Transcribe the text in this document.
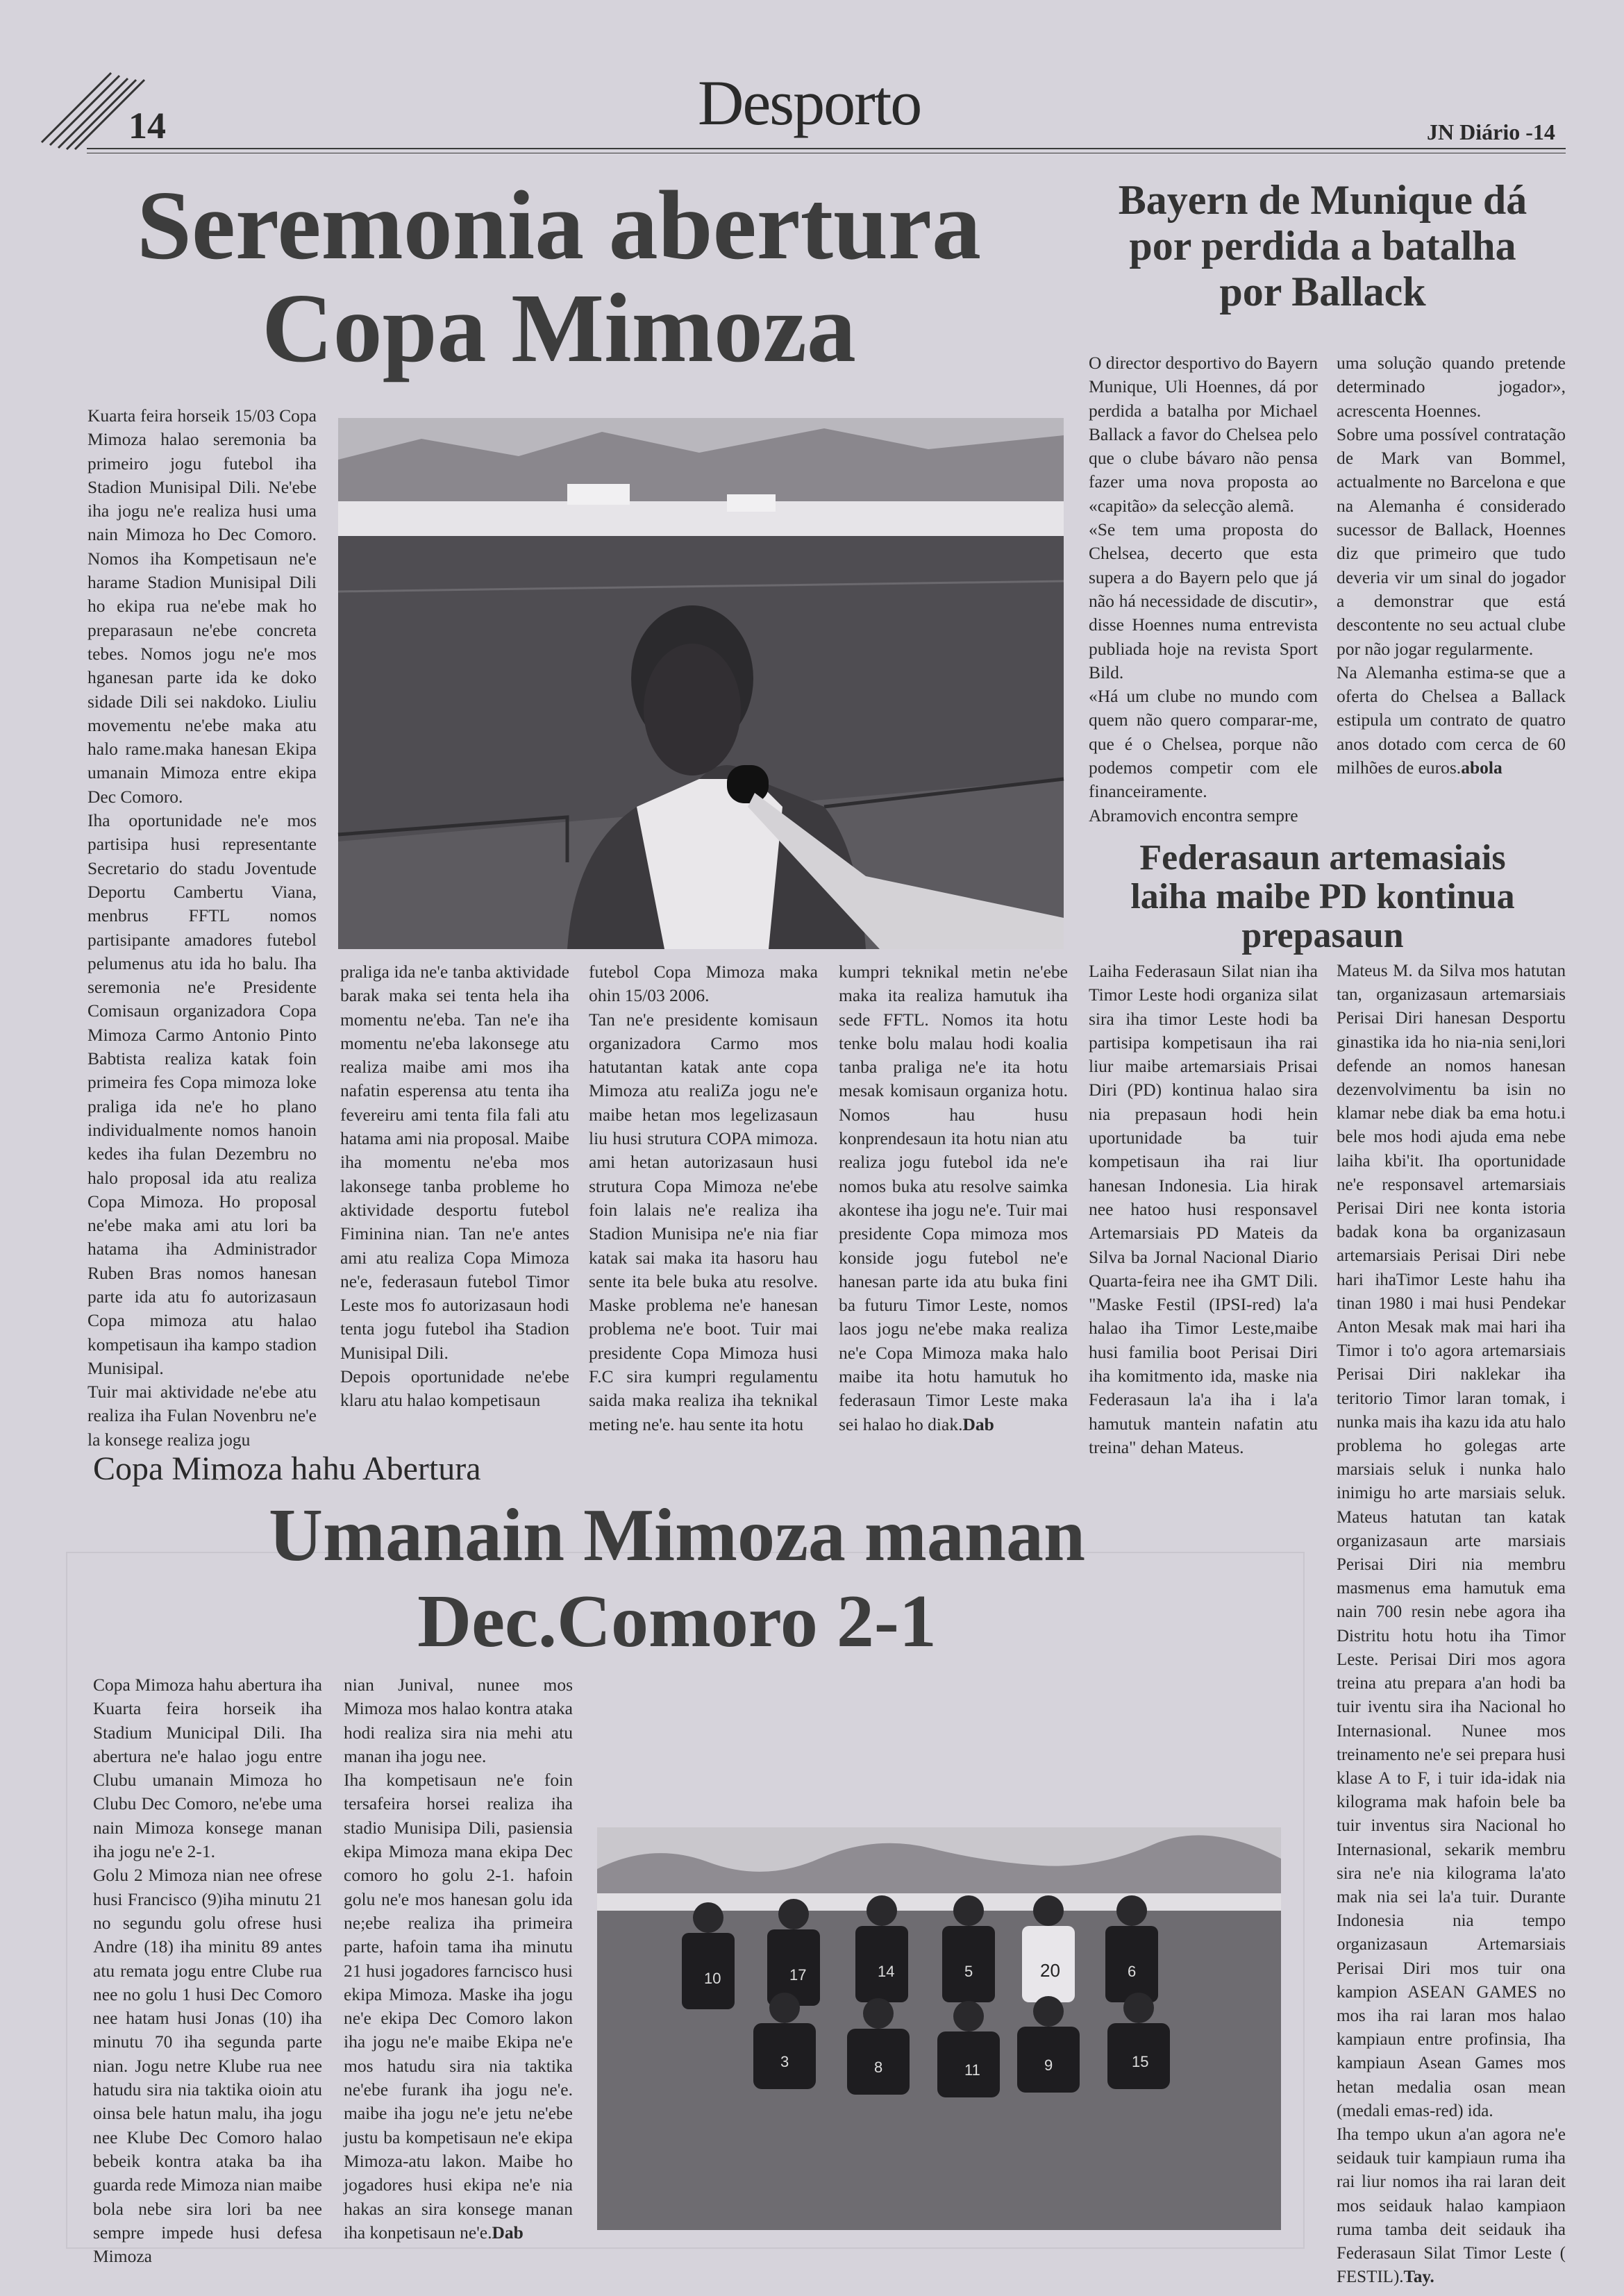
14	Desporto	JN Diário -14
Seremonia abertura
Copa Mimoza

Kuarta feira horseik 15/03 Copa Mimoza halao seremonia ba primeiro jogu futebol iha Stadion Munisipal Dili. Ne'ebe iha jogu ne'e realiza husi uma nain Mimoza ho Dec Comoro. Nomos iha Kompetisaun ne'e harame Stadion Munisipal Dili ho ekipa rua ne'ebe mak ho preparasaun ne'ebe concreta tebes. Nomos jogu ne'e mos hganesan parte ida ke doko sidade Dili sei nakdoko. Liuliu movementu ne'ebe maka atu halo rame.maka hanesan Ekipa umanain Mimoza entre ekipa Dec Comoro.

Iha oportunidade ne'e mos partisipa husi representante Secretario do stadu Joventude Deportu Cambertu Viana, menbrus FFTL nomos partisipante amadores futebol pelumenus atu ida ho balu. Iha seremonia ne'e Presidente Comisaun organizadora Copa Mimoza Carmo Antonio Pinto Babtista realiza katak foin primeira fes Copa mimoza loke praliga ida ne'e ho plano individualmente nomos hanoin kedes iha fulan Dezembru no halo proposal ida atu realiza Copa Mimoza. Ho proposal ne'ebe maka ami atu lori ba hatama iha Administrador Ruben Bras nomos hanesan parte ida atu fo autorizasaun Copa mimoza atu halao kompetisaun iha kampo stadion Munisipal.

Tuir mai aktividade ne'ebe atu realiza iha Fulan Novenbru ne'e la konsege realiza jogu

praliga ida ne'e tanba aktividade barak maka sei tenta hela iha momentu ne'eba. Tan ne'e iha momentu ne'eba lakonsege atu realiza maibe ami mos iha nafatin esperensa atu tenta iha fevereiru ami tenta fila fali atu hatama ami nia proposal. Maibe iha momentu ne'eba mos lakonsege tanba probleme ho aktividade desportu futebol Fiminina nian. Tan ne'e antes ami atu realiza Copa Mimoza ne'e, federasaun futebol Timor Leste mos fo autorizasaun hodi tenta jogu futebol iha Stadion Munisipal Dili.

Depois oportunidade ne'ebe klaru atu halao kompetisaun

futebol Copa Mimoza maka ohin 15/03 2006.

Tan ne'e presidente komisaun organizadora Carmo mos hatutantan katak ante copa Mimoza atu realiZa jogu ne'e maibe hetan mos legelizasaun liu husi strutura COPA mimoza. ami hetan autorizasaun husi strutura Copa Mimoza ne'ebe foin lalais ne'e realiza iha Stadion Munisipa ne'e nia fiar katak sai maka ita hasoru hau sente ita bele buka atu resolve. Maske problema ne'e hanesan problema ne'e boot. Tuir mai presidente Copa Mimoza husi F.C sira kumpri regulamentu saida maka realiza iha teknikal meting ne'e. hau sente ita hotu

kumpri teknikal metin ne'ebe maka ita realiza hamutuk iha sede FFTL. Nomos ita hotu tenke bolu malau hodi koalia tanba praliga ne'e ita hotu mesak komisaun organiza hotu. Nomos hau husu konprendesaun ita hotu nian atu realiza jogu futebol ida ne'e nomos buka atu resolve saimka akontese iha jogu ne'e. Tuir mai presidente Copa mimoza mos konside jogu futebol ne'e hanesan parte ida atu buka fini ba futuru Timor Leste, nomos laos jogu ne'ebe maka realiza ne'e Copa Mimoza maka halo maibe ita hotu hamutuk ho federasaun Timor Leste maka sei halao ho diak.Dab

Bayern de Munique dá
por perdida a batalha
por Ballack

O director desportivo do Bayern Munique, Uli Hoennes, dá por perdida a batalha por Michael Ballack a favor do Chelsea pelo que o clube bávaro não pensa fazer uma nova proposta ao «capitão» da selecção alemã.

«Se tem uma proposta do Chelsea, decerto que esta supera a do Bayern pelo que já não há necessidade de discutir», disse Hoennes numa entrevista publiada hoje na revista Sport Bild.

«Há um clube no mundo com quem não quero comparar-me, que é o Chelsea, porque não podemos competir com ele financeiramente.

Abramovich encontra sempre

uma solução quando pretende determinado jogador», acrescenta Hoennes.

Sobre uma possível contratação de Mark van Bommel, actualmente no Barcelona e que na Alemanha é considerado sucessor de Ballack, Hoennes diz que primeiro que tudo deveria vir um sinal do jogador a demonstrar que está descontente no seu actual clube por não jogar regularmente.

Na Alemanha estima-se que a oferta do Chelsea a Ballack estipula um contrato de quatro anos dotado com cerca de 60 milhões de euros.abola

Federasaun artemasiais
laiha maibe PD kontinua
prepasaun

Laiha Federasaun Silat nian iha Timor Leste hodi organiza silat sira iha timor Leste hodi ba partisipa kompetisaun iha rai liur maibe artemarsiais Prisai Diri (PD) kontinua halao sira nia prepasaun hodi hein uportunidade ba tuir kompetisaun iha rai liur hanesan Indonesia. Lia hirak nee hatoo husi responsavel Artemarsiais PD Mateis da Silva ba Jornal Nacional Diario Quarta-feira nee iha GMT Dili. "Maske Festil (IPSI-red) la'a halao iha Timor Leste,maibe husi familia boot Perisai Diri iha komitmento ida, maske nia Federasaun la'a iha i la'a hamutuk mantein nafatin atu treina" dehan Mateus.

Mateus M. da Silva mos hatutan tan, organizasaun artemarsiais Perisai Diri hanesan Desportu ginastika ida ho nia-nia seni,lori defende an nomos hanesan dezenvolvimentu ba isin no klamar nebe diak ba ema hotu.i bele mos hodi ajuda ema nebe laiha kbi'it. Iha oportunidade ne'e responsavel artemarsiais Perisai Diri nee konta istoria badak kona ba organizasaun artemarsiais Perisai Diri nebe hari ihaTimor Leste hahu iha tinan 1980 i mai husi Pendekar Anton Mesak mak mai hari iha Timor i to'o agora artemarsiais Perisai Diri naklekar iha teritorio Timor laran tomak, i nunka mais iha kazu ida atu halo problema ho golegas arte marsiais seluk i nunka halo inimigu ho arte marsiais seluk. Mateus hatutan tan katak organizasaun arte marsiais Perisai Diri nia membru masmenus ema hamutuk ema nain 700 resin nebe agora iha Distritu hotu hotu iha Timor Leste. Perisai Diri mos agora treina atu prepara a'an hodi ba tuir iventu sira iha Nacional ho Internasional. Nunee mos treinamento ne'e sei prepara husi klase A to F, i tuir ida-idak nia kilograma mak hafoin bele ba tuir inventus sira Nacional ho Internasional, sekarik membru sira ne'e nia kilograma la'ato mak nia sei la'a tuir. Durante Indonesia nia tempo organizasaun Artemarsiais Perisai Diri mos tuir ona kampion ASEAN GAMES no mos iha rai laran mos halao kampiaun entre profinsia, Iha kampiaun Asean Games mos hetan medalia osan mean (medali emas-red) ida.

Iha tempo ukun a'an agora ne'e seidauk tuir kampiaun ruma iha rai liur nomos iha rai laran deit mos seidauk halao kampiaon ruma tamba deit seidauk iha Federasaun Silat Timor Leste ( FESTIL).Tay.

Copa Mimoza hahu Abertura
Umanain Mimoza manan
Dec.Comoro 2-1

Copa Mimoza hahu abertura iha Kuarta feira horseik iha Stadium Municipal Dili. Iha abertura ne'e halao jogu entre Clubu umanain Mimoza ho Clubu Dec Comoro, ne'ebe uma nain Mimoza konsege manan iha jogu ne'e 2-1.

Golu 2 Mimoza nian nee ofrese husi Francisco (9)iha minutu 21 no segundu golu ofrese husi Andre (18) iha minitu 89 antes atu remata jogu entre Clube rua nee no golu 1 husi Dec Comoro nee hatam husi Jonas (10) iha minutu 70 iha segunda parte nian. Jogu netre Klube rua nee hatudu sira nia taktika oioin atu oinsa bele hatun malu, iha jogu nee Klube Dec Comoro halao bebeik kontra ataka ba iha guarda rede Mimoza nian maibe bola nebe sira lori ba nee sempre impede husi defesa Mimoza

nian Junival, nunee mos Mimoza mos halao kontra ataka hodi realiza sira nia mehi atu manan iha jogu nee.

Iha kompetisaun ne'e foin tersafeira horsei realiza iha stadio Munisipa Dili, pasiensia ekipa Mimoza mana ekipa Dec comoro ho golu 2-1. hafoin golu ne'e mos hanesan golu ida ne;ebe realiza iha primeira parte, hafoin tama iha minutu 21 husi jogadores farncisco husi ekipa Mimoza. Maske iha jogu ne'e ekipa Dec Comoro lakon iha jogu ne'e maibe Ekipa ne'e mos hatudu sira nia taktika ne'ebe furank iha jogu ne'e. maibe iha jogu ne'e jetu ne'ebe justu ba kompetisaun ne'e ekipa Mimoza-atu lakon. Maibe ho jogadores husi ekipa ne'e nia hakas an sira konsege manan iha konpetisaun ne'e.Dab

10	17	14	5	20	6
3	8	11	9	15
